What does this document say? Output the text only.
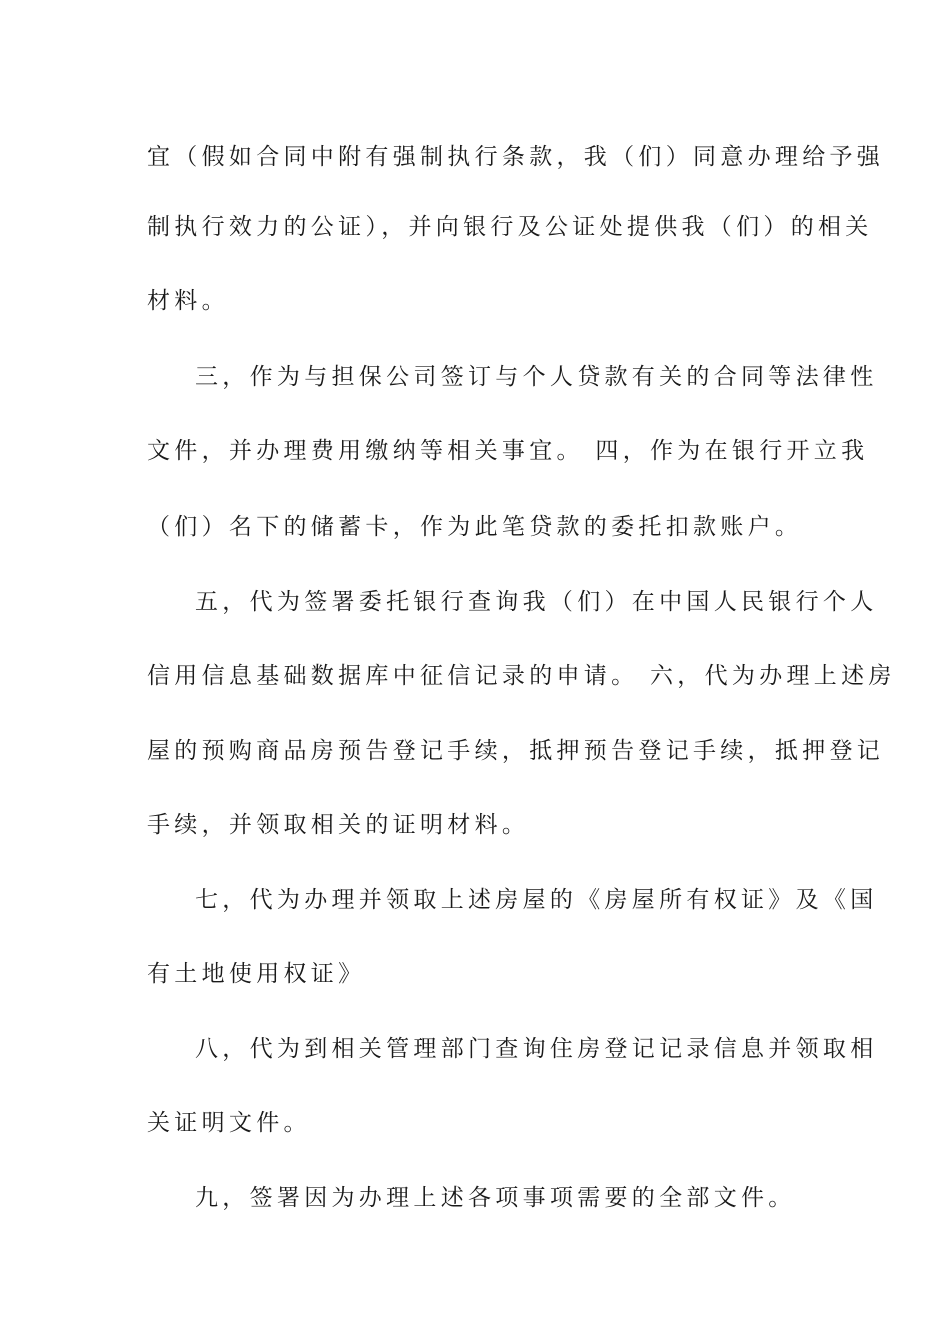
宜（假如合同中附有强制执行条款，我（们）同意办理给予强
制执行效力的公证），并向银行及公证处提供我（们）的相关
材料。
三，作为与担保公司签订与个人贷款有关的合同等法律性
文件，并办理费用缴纳等相关事宜。 四，作为在银行开立我
（们）名下的储蓄卡，作为此笔贷款的委托扣款账户。
五，代为签署委托银行查询我（们）在中国人民银行个人
信用信息基础数据库中征信记录的申请。 六，代为办理上述房
屋的预购商品房预告登记手续，抵押预告登记手续，抵押登记
手续，并领取相关的证明材料。
七，代为办理并领取上述房屋的《房屋所有权证》及《国
有土地使用权证》
八，代为到相关管理部门查询住房登记记录信息并领取相
关证明文件。
九，签署因为办理上述各项事项需要的全部文件。
